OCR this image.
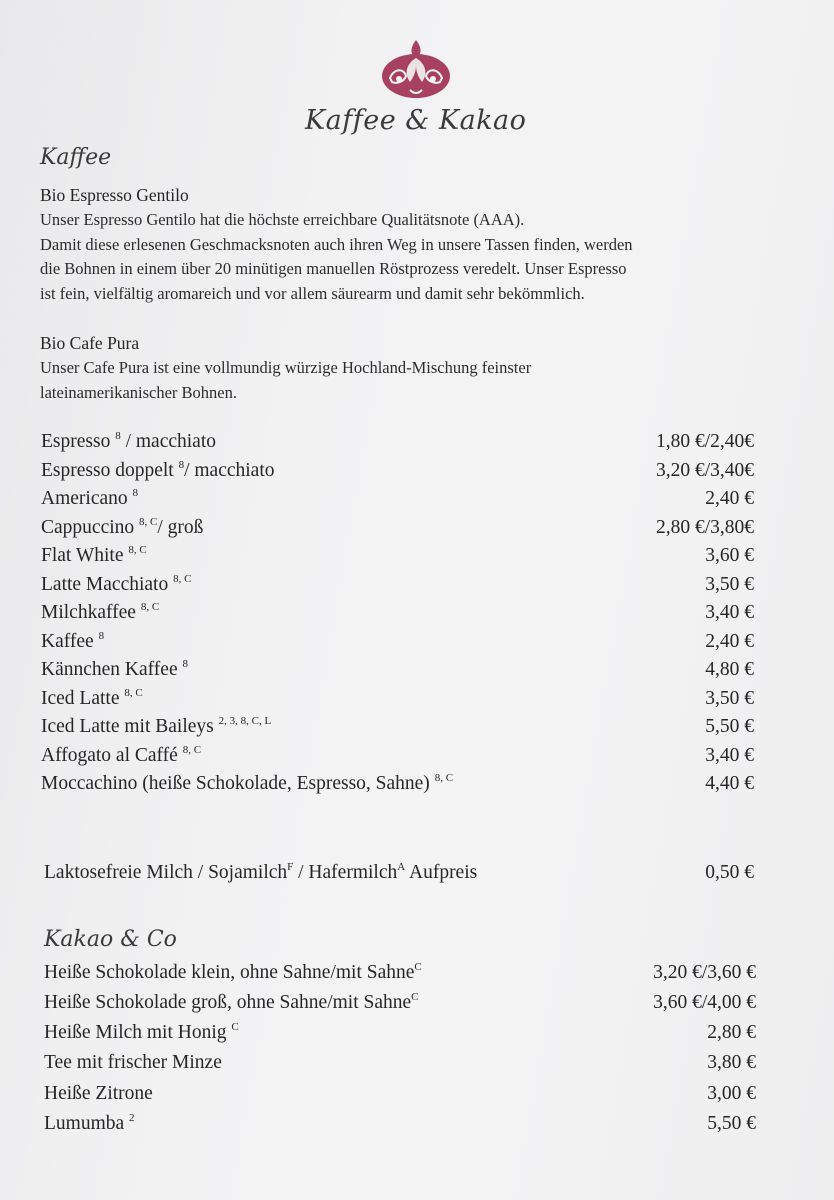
Kaffee & Kakao
Kaffee
Bio Espresso Gentilo
Unser Espresso Gentilo hat die höchste erreichbare Qualitätsnote (AAA).
Damit diese erlesenen Geschmacksnoten auch ihren Weg in unsere Tassen finden, werden
die Bohnen in einem über 20 minütigen manuellen Röstprozess veredelt. Unser Espresso
ist fein, vielfältig aromareich und vor allem säurearm und damit sehr bekömmlich.
Bio Cafe Pura
Unser Cafe Pura ist eine vollmundig würzige Hochland-Mischung feinster
lateinamerikanischer Bohnen.
Espresso $^8$ / macchiato	1,80 €/2,40€
Espresso doppelt $^8$/ macchiato	3,20 €/3,40€
Americano $^8$	2,40 €
Cappuccino $^{8, C}$/ groß	2,80 €/3,80€
Flat White $^{8, C}$	3,60 €
Latte Macchiato $^{8, C}$	3,50 €
Milchkaffee $^{8, C}$	3,40 €
Kaffee $^8$	2,40 €
Kännchen Kaffee $^8$	4,80 €
Iced Latte $^{8, C}$	3,50 €
Iced Latte mit Baileys $^{2, 3, 8, C, L}$	5,50 €
Affogato al Caffé $^{8, C}$	3,40 €
Moccachino (heiße Schokolade, Espresso, Sahne) $^{8, C}$	4,40 €
Laktosefreie Milch / Sojamilch$^F$ / Hafermilch$^A$ Aufpreis	0,50 €
Kakao & Co
Heiße Schokolade klein, ohne Sahne/mit Sahne$^C$	3,20 €/3,60 €
Heiße Schokolade groß, ohne Sahne/mit Sahne$^C$	3,60 €/4,00 €
Heiße Milch mit Honig $^C$	2,80 €
Tee mit frischer Minze	3,80 €
Heiße Zitrone	3,00 €
Lumumba $^2$	5,50 €
